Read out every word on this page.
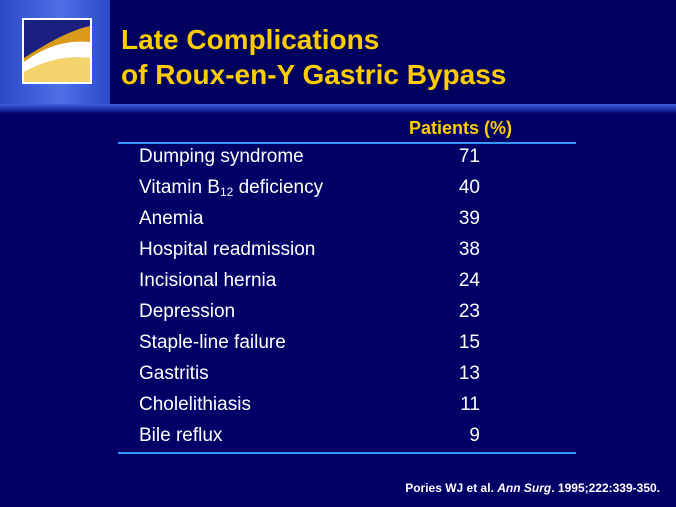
Late Complications
of Roux-en-Y Gastric Bypass
Patients (%)
Dumping syndrome	71
Vitamin $B_{12}$ deficiency	40
Anemia	39
Hospital readmission	38
Incisional hernia	24
Depression	23
Staple-line failure	15
Gastritis	13
Cholelithiasis	11
Bile reflux	9
Pories WJ et al. Ann Surg. 1995;222:339-350.
